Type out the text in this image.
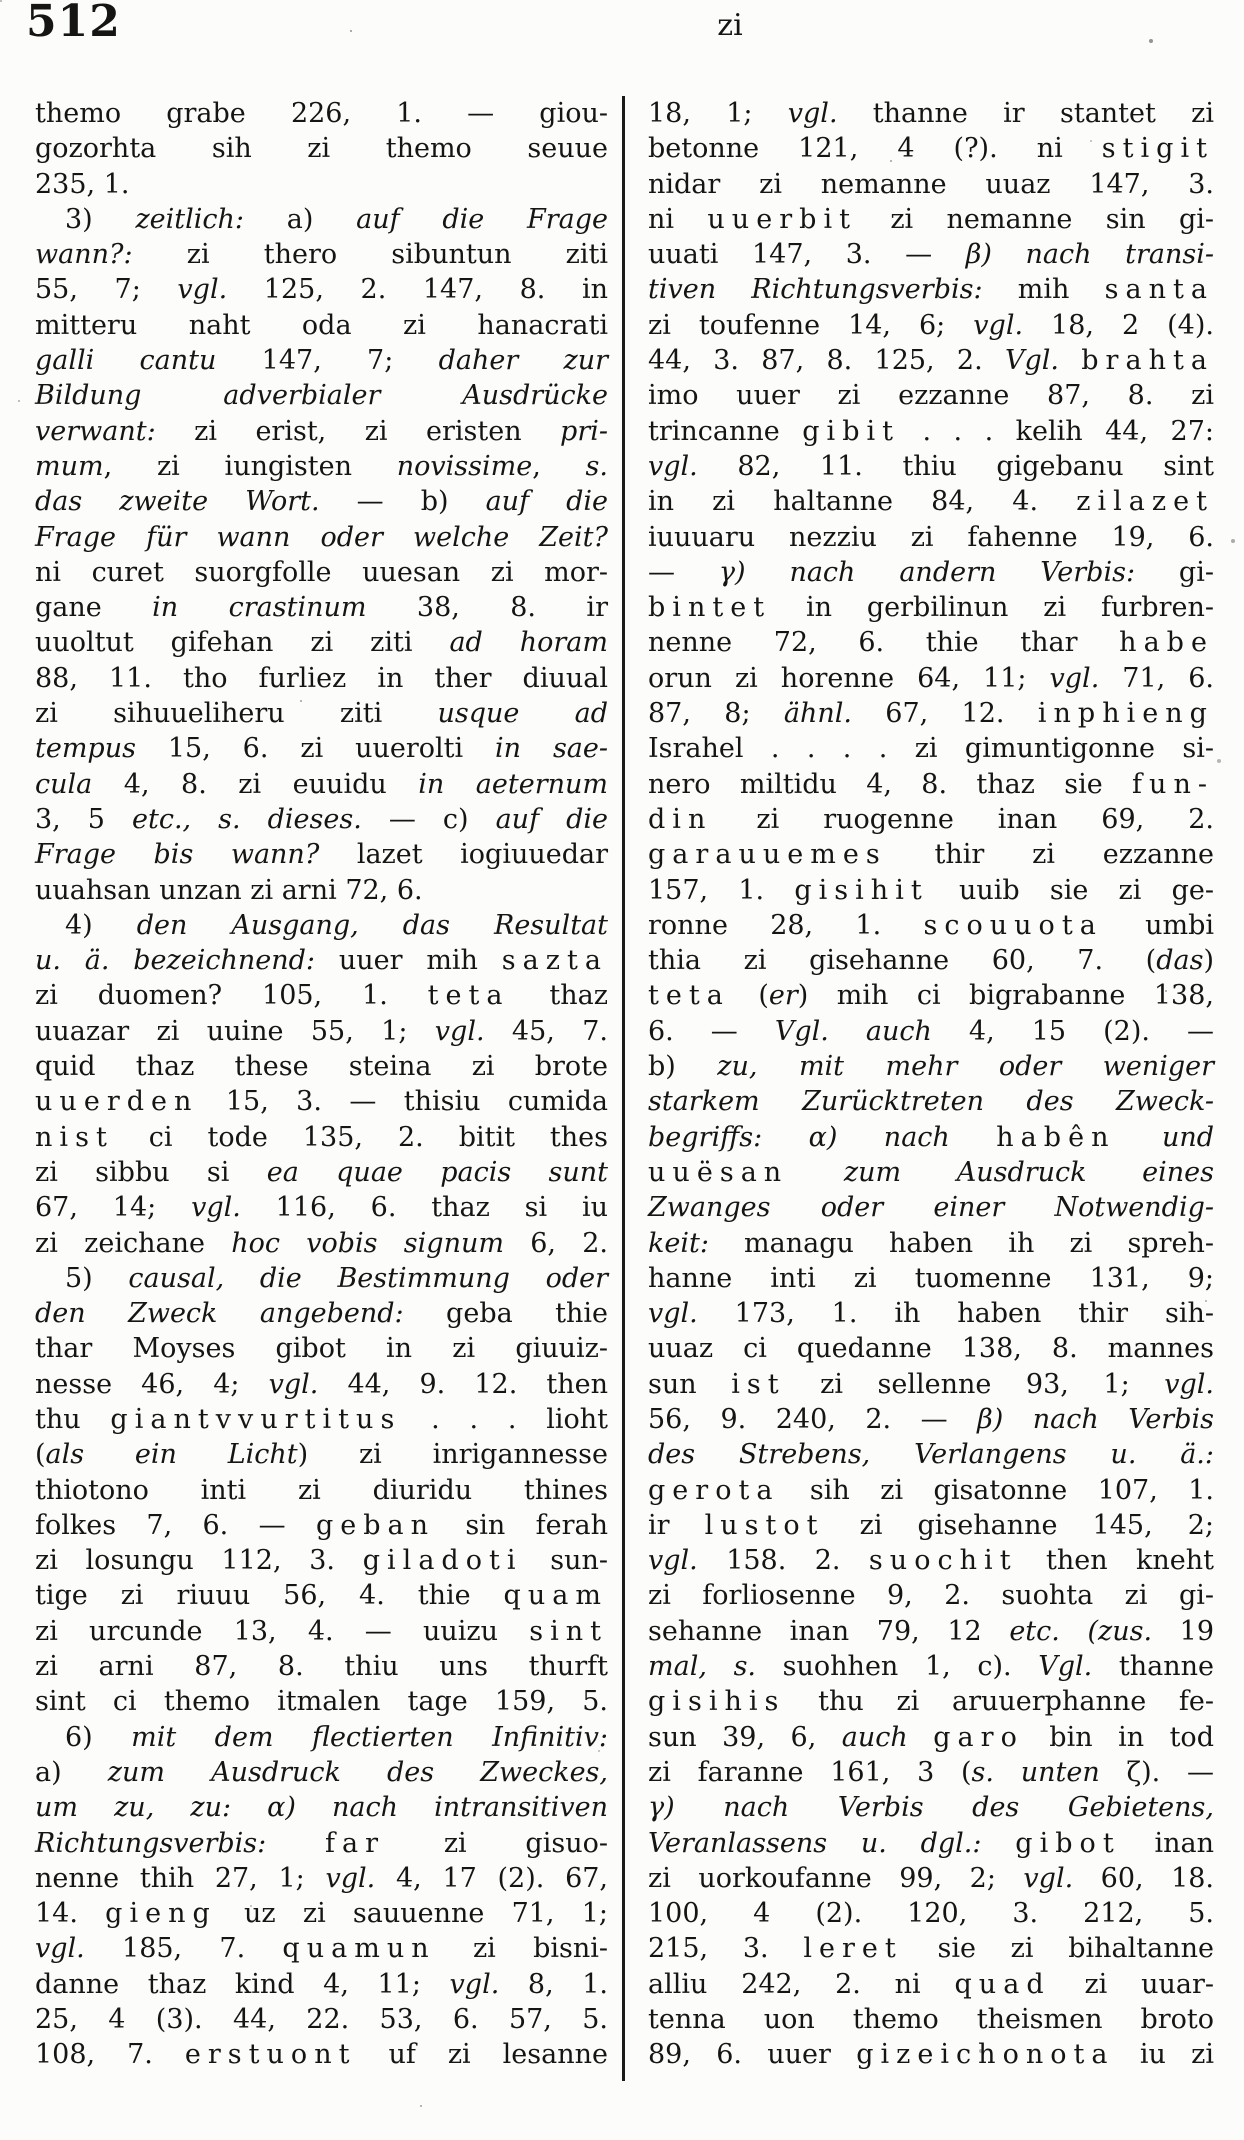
512	zi
themo grabe 226, 1. — giou-
gozorhta sih zi themo seuue
235, 1.
3) zeitlich: a) auf die Frage
wann?: zi thero sibuntun ziti
55, 7; vgl. 125, 2. 147, 8. in
mitteru naht oda zi hanacrati
galli cantu 147, 7; daher zur
Bildung adverbialer Ausdrücke
verwant: zi erist, zi eristen pri-
mum, zi iungisten novissime, s.
das zweite Wort. — b) auf die
Frage für wann oder welche Zeit?
ni curet suorgfolle uuesan zi mor-
gane in crastinum 38, 8. ir
uuoltut gifehan zi ziti ad horam
88, 11. tho furliez in ther diuual
zi sihuueliheru ziti usque ad
tempus 15, 6. zi uuerolti in sae-
cula 4, 8. zi euuidu in aeternum
3, 5 etc., s. dieses. — c) auf die
Frage bis wann? lazet iogiuuedar
uuahsan unzan zi arni 72, 6.
4) den Ausgang, das Resultat
u. ä. bezeichnend: uuer mih sazta
zi duomen? 105, 1. teta thaz
uuazar zi uuine 55, 1; vgl. 45, 7.
quid thaz these steina zi brote
uuerden 15, 3. — thisiu cumida
nist ci tode 135, 2. bitit thes
zi sibbu si ea quae pacis sunt
67, 14; vgl. 116, 6. thaz si iu
zi zeichane hoc vobis signum 6, 2.
5) causal, die Bestimmung oder
den Zweck angebend: geba thie
thar Moyses gibot in zi giuuiz-
nesse 46, 4; vgl. 44, 9. 12. then
thu giantvvurtitus . . . lioht
(als ein Licht) zi inrigannesse
thiotono inti zi diuridu thines
folkes 7, 6. — geban sin ferah
zi losungu 112, 3. giladoti sun-
tige zi riuuu 56, 4. thie quam
zi urcunde 13, 4. — uuizu sint
zi arni 87, 8. thiu uns thurft
sint ci themo itmalen tage 159, 5.
6) mit dem flectierten Infinitiv:
a) zum Ausdruck des Zweckes,
um zu, zu: α) nach intransitiven
Richtungsverbis: far zi gisuo-
nenne thih 27, 1; vgl. 4, 17 (2). 67,
14. gieng uz zi sauuenne 71, 1;
vgl. 185, 7. quamun zi bisni-
danne thaz kind 4, 11; vgl. 8, 1.
25, 4 (3). 44, 22. 53, 6. 57, 5.
108, 7. erstuont uf zi lesanne
18, 1; vgl. thanne ir stantet zi
betonne 121, 4 (?). ni stigit
nidar zi nemanne uuaz 147, 3.
ni uuerbit zi nemanne sin gi-
uuati 147, 3. — β) nach transi-
tiven Richtungsverbis: mih santa
zi toufenne 14, 6; vgl. 18, 2 (4).
44, 3. 87, 8. 125, 2. Vgl. brahta
imo uuer zi ezzanne 87, 8. zi
trincanne gibit . . . kelih 44, 27:
vgl. 82, 11. thiu gigebanu sint
in zi haltanne 84, 4. zilazet
iuuuaru nezziu zi fahenne 19, 6.
— γ) nach andern Verbis: gi-
bintet in gerbilinun zi furbren-
nenne 72, 6. thie thar habe
orun zi horenne 64, 11; vgl. 71, 6.
87, 8; ähnl. 67, 12. inphieng
Israhel . . . . zi gimuntigonne si-
nero miltidu 4, 8. thaz sie fun-
din zi ruogenne inan 69, 2.
garauuemes thir zi ezzanne
157, 1. gisihit uuib sie zi ge-
ronne 28, 1. scouuota umbi
thia zi gisehanne 60, 7. (das)
teta (er) mih ci bigrabanne 138,
6. — Vgl. auch 4, 15 (2). —
b) zu, mit mehr oder weniger
starkem Zurücktreten des Zweck-
begriffs: α) nach habên und
uuësan zum Ausdruck eines
Zwanges oder einer Notwendig-
keit: managu haben ih zi spreh-
hanne inti zi tuomenne 131, 9;
vgl. 173, 1. ih haben thir sih-
uuaz ci quedanne 138, 8. mannes
sun ist zi sellenne 93, 1; vgl.
56, 9. 240, 2. — β) nach Verbis
des Strebens, Verlangens u. ä.:
gerota sih zi gisatonne 107, 1.
ir lustot zi gisehanne 145, 2;
vgl. 158. 2. suochit then kneht
zi forliosenne 9, 2. suohta zi gi-
sehanne inan 79, 12 etc. (zus. 19
mal, s. suohhen 1, c). Vgl. thanne
gisihis thu zi aruuerphanne fe-
sun 39, 6, auch garo bin in tod
zi faranne 161, 3 (s. unten ζ). —
γ) nach Verbis des Gebietens,
Veranlassens u. dgl.: gibot inan
zi uorkoufanne 99, 2; vgl. 60, 18.
100, 4 (2). 120, 3. 212, 5.
215, 3. leret sie zi bihaltanne
alliu 242, 2. ni quad zi uuar-
tenna uon themo theismen broto
89, 6. uuer gizeichonota iu zi
